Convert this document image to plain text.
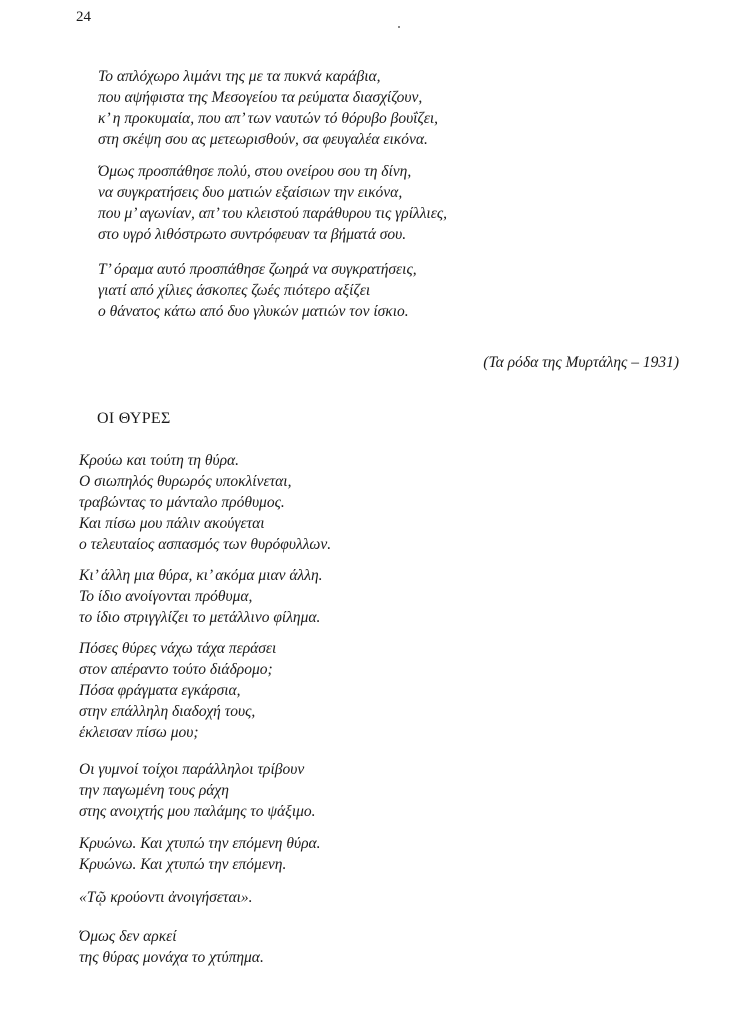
24
Το απλόχωρο λιμάνι της με τα πυκνά καράβια,
που αψήφιστα της Μεσογείου τα ρεύματα διασχίζουν,
κ’ η προκυμαία, που απ’ των ναυτών τό θόρυβο βουΐζει,
στη σκέψη σου ας μετεωρισθούν, σα φευγαλέα εικόνα.
Όμως προσπάθησε πολύ, στου ονείρου σου τη δίνη,
να συγκρατήσεις δυο ματιών εξαίσιων την εικόνα,
που μ’ αγωνίαν, απ’ του κλειστού παράθυρου τις γρίλλιες,
στο υγρό λιθόστρωτο συντρόφευαν τα βήματά σου.
Τ’ όραμα αυτό προσπάθησε ζωηρά να συγκρατήσεις,
γιατί από χίλιες άσκοπες ζωές πιότερο αξίζει
ο θάνατος κάτω από δυο γλυκών ματιών τον ίσκιο.
(Τα ρόδα της Μυρτάλης – 1931)
ΟΙ ΘΥΡΕΣ
Κρούω και τούτη τη θύρα.
Ο σιωπηλός θυρωρός υποκλίνεται,
τραβώντας το μάνταλο πρόθυμος.
Και πίσω μου πάλιν ακούγεται
ο τελευταίος ασπασμός των θυρόφυλλων.
Κι’ άλλη μια θύρα, κι’ ακόμα μιαν άλλη.
Το ίδιο ανοίγονται πρόθυμα,
το ίδιο στριγγλίζει το μετάλλινο φίλημα.
Πόσες θύρες νάχω τάχα περάσει
στον απέραντο τούτο διάδρομο;
Πόσα φράγματα εγκάρσια,
στην επάλληλη διαδοχή τους,
έκλεισαν πίσω μου;
Οι γυμνοί τοίχοι παράλληλοι τρίβουν
την παγωμένη τους ράχη
στης ανοιχτής μου παλάμης το ψάξιμο.
Κρυώνω. Και χτυπώ την επόμενη θύρα.
Κρυώνω. Και χτυπώ την επόμενη.
«Τῷ κρούοντι ἀνοιγήσεται».
Όμως δεν αρκεί
της θύρας μονάχα το χτύπημα.
